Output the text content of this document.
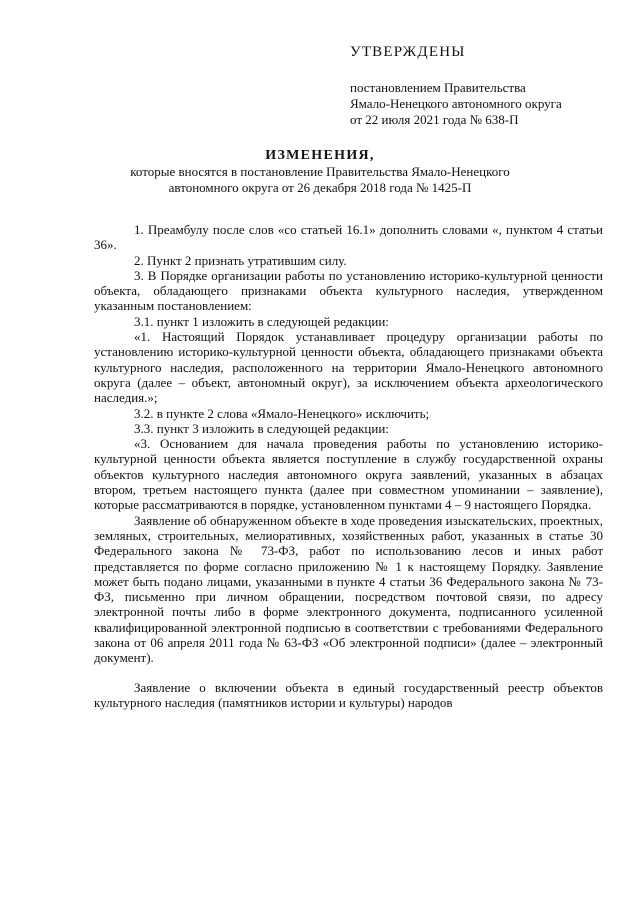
УТВЕРЖДЕНЫ
постановлением Правительства
Ямало-Ненецкого автономного округа
от 22 июля 2021 года № 638-П
ИЗМЕНЕНИЯ,
которые вносятся в постановление Правительства Ямало-Ненецкого
автономного округа от 26 декабря 2018 года № 1425-П

1. Преамбулу после слов «со статьей 16.1» дополнить словами «, пунктом 4 статьи 36».

2. Пункт 2 признать утратившим силу.

3. В Порядке организации работы по установлению историко-культурной ценности объекта, обладающего признаками объекта культурного наследия, утвержденном указанным постановлением:

3.1. пункт 1 изложить в следующей редакции:

«1. Настоящий Порядок устанавливает процедуру организации работы по установлению историко-культурной ценности объекта, обладающего признаками объекта культурного наследия, расположенного на территории Ямало-Ненецкого автономного округа (далее – объект, автономный округ), за исключением объекта археологического наследия.»;

3.2. в пункте 2 слова «Ямало-Ненецкого» исключить;

3.3. пункт 3 изложить в следующей редакции:

«3. Основанием для начала проведения работы по установлению историко-культурной ценности объекта является поступление в службу государственной охраны объектов культурного наследия автономного округа заявлений, указанных в абзацах втором, третьем настоящего пункта (далее при совместном упоминании – заявление), которые рассматриваются в порядке, установленном пунктами 4 – 9 настоящего Порядка.

Заявление об обнаруженном объекте в ходе проведения изыскательских, проектных, земляных, строительных, мелиоративных, хозяйственных работ, указанных в статье 30 Федерального закона № 73-ФЗ, работ по использованию лесов и иных работ представляется по форме согласно приложению № 1 к настоящему Порядку. Заявление может быть подано лицами, указанными в пункте 4 статьи 36 Федерального закона № 73-ФЗ, письменно при личном обращении, посредством почтовой связи, по адресу электронной почты либо в форме электронного документа, подписанного усиленной квалифицированной электронной подписью в соответствии с требованиями Федерального закона от 06 апреля 2011 года № 63-ФЗ «Об электронной подписи» (далее – электронный документ).

Заявление о включении объекта в единый государственный реестр объектов культурного наследия (памятников истории и культуры) народов
